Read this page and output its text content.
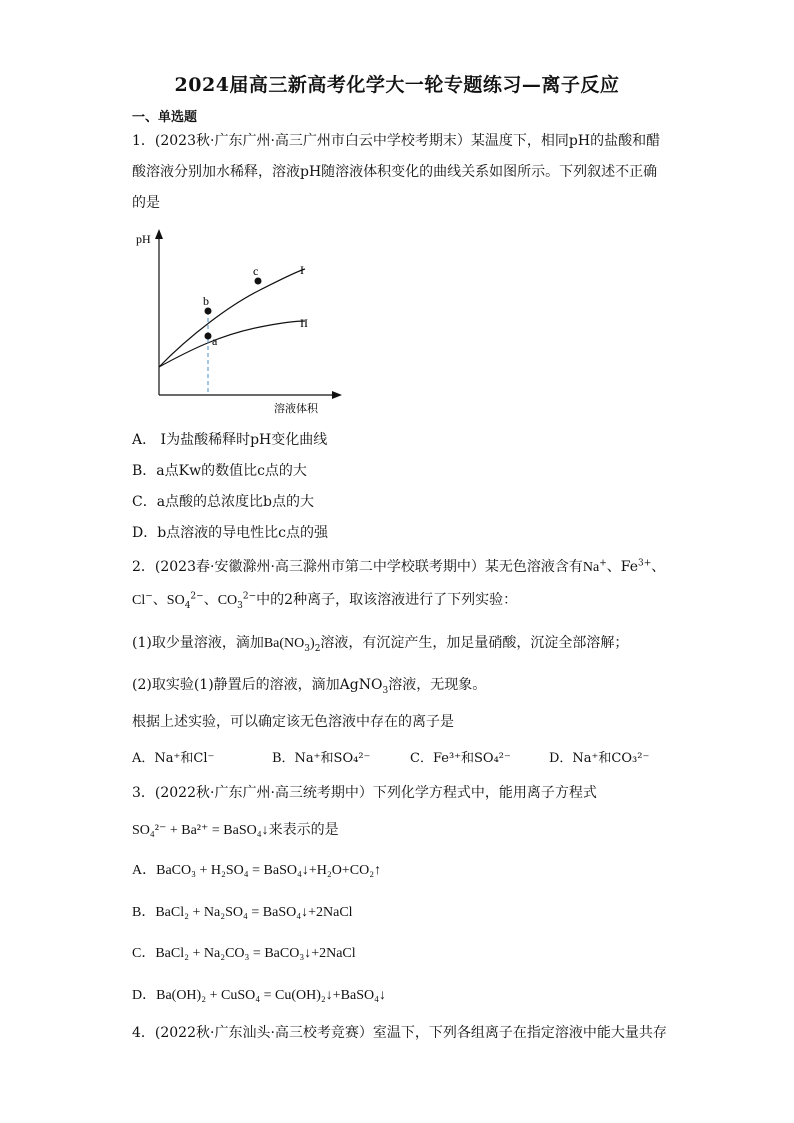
2024届高三新高考化学大一轮专题练习—离子反应
一、单选题
1．(2023秋·广东广州·高三广州市白云中学校考期末）某温度下，相同pH的盐酸和醋
酸溶液分别加水稀释，溶液pH随溶液体积变化的曲线关系如图所示。下列叙述不正确
的是
pH
溶液体积
b
a
c	I
II
A． I为盐酸稀释时pH变化曲线
B．a点Kw的数值比c点的大
C．a点酸的总浓度比b点的大
D．b点溶液的导电性比c点的强
2．(2023春·安徽滁州·高三滁州市第二中学校联考期中）某无色溶液含有Na+、$Fe^{3+}$、
Cl−、$SO_4^{2-}$、$CO_3^{2-}$中的2种离子，取该溶液进行了下列实验：
(1)取少量溶液，滴加$Ba(NO_3)_2$溶液，有沉淀产生，加足量硝酸，沉淀全部溶解；
(2)取实验(1)静置后的溶液，滴加AgNO$_3$溶液，无现象。
根据上述实验，可以确定该无色溶液中存在的离子是
A．Na⁺和Cl⁻	B．Na⁺和SO₄²⁻	C．Fe³⁺和SO₄²⁻	D．Na⁺和CO₃²⁻
3．(2022秋·广东广州·高三统考期中）下列化学方程式中，能用离子方程式
SO₄²⁻ + Ba²⁺ = BaSO₄↓来表示的是
A．BaCO₃ + H₂SO₄ = BaSO₄↓+H₂O+CO₂↑
B．BaCl₂ + Na₂SO₄ = BaSO₄↓+2NaCl
C．BaCl₂ + Na₂CO₃ = BaCO₃↓+2NaCl
D．Ba(OH)₂ + CuSO₄ = Cu(OH)₂↓+BaSO₄↓
4．(2022秋·广东汕头·高三校考竞赛）室温下，下列各组离子在指定溶液中能大量共存
